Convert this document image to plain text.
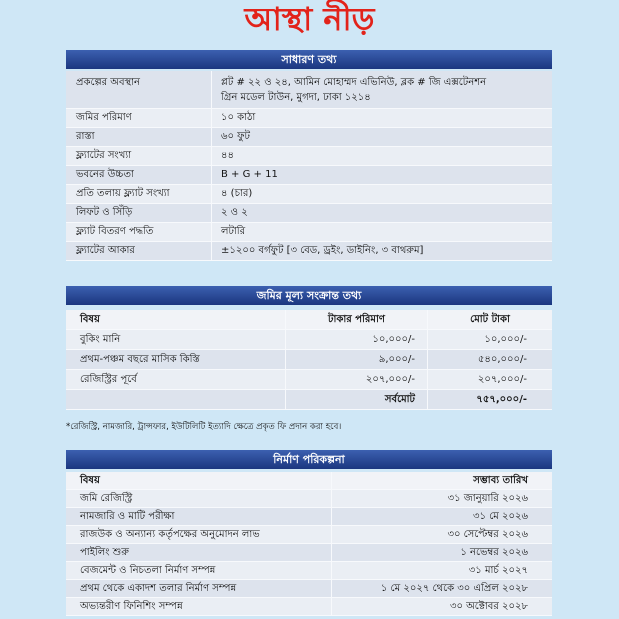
আস্থা নীড়
সাধারণ তথ্য
প্রকল্পের অবস্থান	প্লট # ২২ ও ২৪, আমিন মোহাম্মদ এভিনিউ, ব্লক # জি এক্সটেনশন
গ্রিন মডেল টাউন, মুগদা, ঢাকা ১২১৪

জমির পরিমাণ	১০ কাঠা

রাস্তা	৬০ ফুট

ফ্ল্যাটের সংখ্যা	৪৪

ভবনের উচ্চতা	B + G + 11

প্রতি তলায় ফ্ল্যাট সংখ্যা	৪ (চার)

লিফট ও সিঁড়ি	২ ও ২

ফ্ল্যাট বিতরণ পদ্ধতি	লটারি

ফ্ল্যাটের আকার	±১২০০ বর্গফুট [৩ বেড, ড্রইং, ডাইনিং, ৩ বাথরুম]
জমির মূল্য সংক্রান্ত তথ্য
বিষয়	টাকার পরিমাণ	মোট টাকা
বুকিং মানি	১০,০০০/-	১০,০০০/-
প্রথম-পঞ্চম বছরে মাসিক কিস্তি	৯,০০০/-	৫৪০,০০০/-
রেজিস্ট্রির পূর্বে	২০৭,০০০/-	২০৭,০০০/-
	সর্বমোট	৭৫৭,০০০/-
*রেজিস্ট্রি, নামজারি, ট্রান্সফার, ইউটিলিটি ইত্যাদি ক্ষেত্রে প্রকৃত ফি প্রদান করা হবে।
নির্মাণ পরিকল্পনা
বিষয়	সম্ভাব্য তারিখ
জমি রেজিস্ট্রি	৩১ জানুয়ারি ২০২৬
নামজারি ও মাটি পরীক্ষা	৩১ মে ২০২৬
রাজউক ও অন্যান্য কর্তৃপক্ষের অনুমোদন লাভ	৩০ সেপ্টেম্বর ২০২৬
পাইলিং শুরু	১ নভেম্বর ২০২৬
বেজমেন্ট ও নিচতলা নির্মাণ সম্পন্ন	৩১ মার্চ ২০২৭
প্রথম থেকে একাদশ তলার নির্মাণ সম্পন্ন	১ মে ২০২৭ থেকে ৩০ এপ্রিল ২০২৮
অভ্যন্তরীণ ফিনিশিং সম্পন্ন	৩০ অক্টোবর ২০২৮
